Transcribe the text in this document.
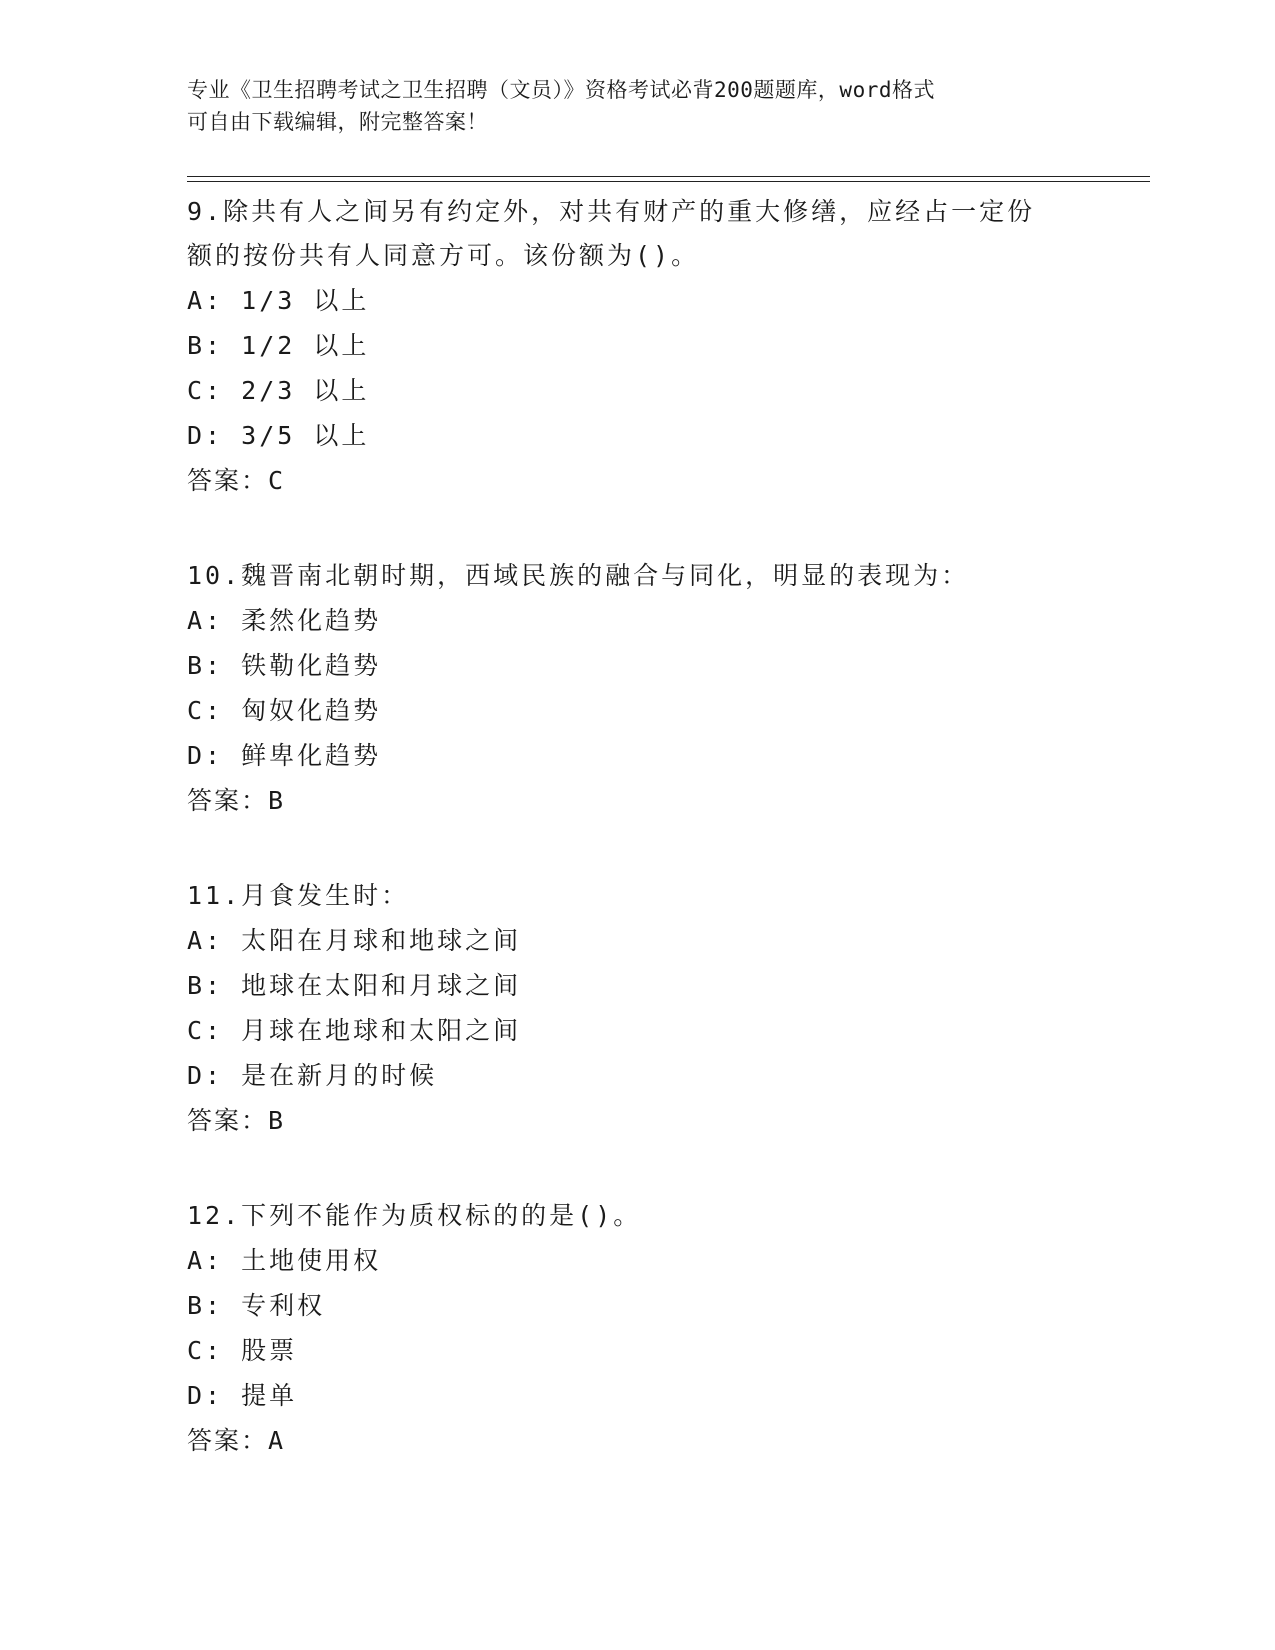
专业《卫生招聘考试之卫生招聘（文员）》资格考试必背200题题库，word格式
可自由下载编辑，附完整答案！

9.除共有人之间另有约定外，对共有财产的重大修缮，应经占一定份

额的按份共有人同意方可。该份额为()。

A: 1/3 以上

B: 1/2 以上

C: 2/3 以上

D: 3/5 以上

答案：C

10.魏晋南北朝时期，西域民族的融合与同化，明显的表现为：

A: 柔然化趋势

B: 铁勒化趋势

C: 匈奴化趋势

D: 鲜卑化趋势

答案：B

11.月食发生时：

A: 太阳在月球和地球之间

B: 地球在太阳和月球之间

C: 月球在地球和太阳之间

D: 是在新月的时候

答案：B

12.下列不能作为质权标的的是()。

A: 土地使用权

B: 专利权

C: 股票

D: 提单

答案：A
